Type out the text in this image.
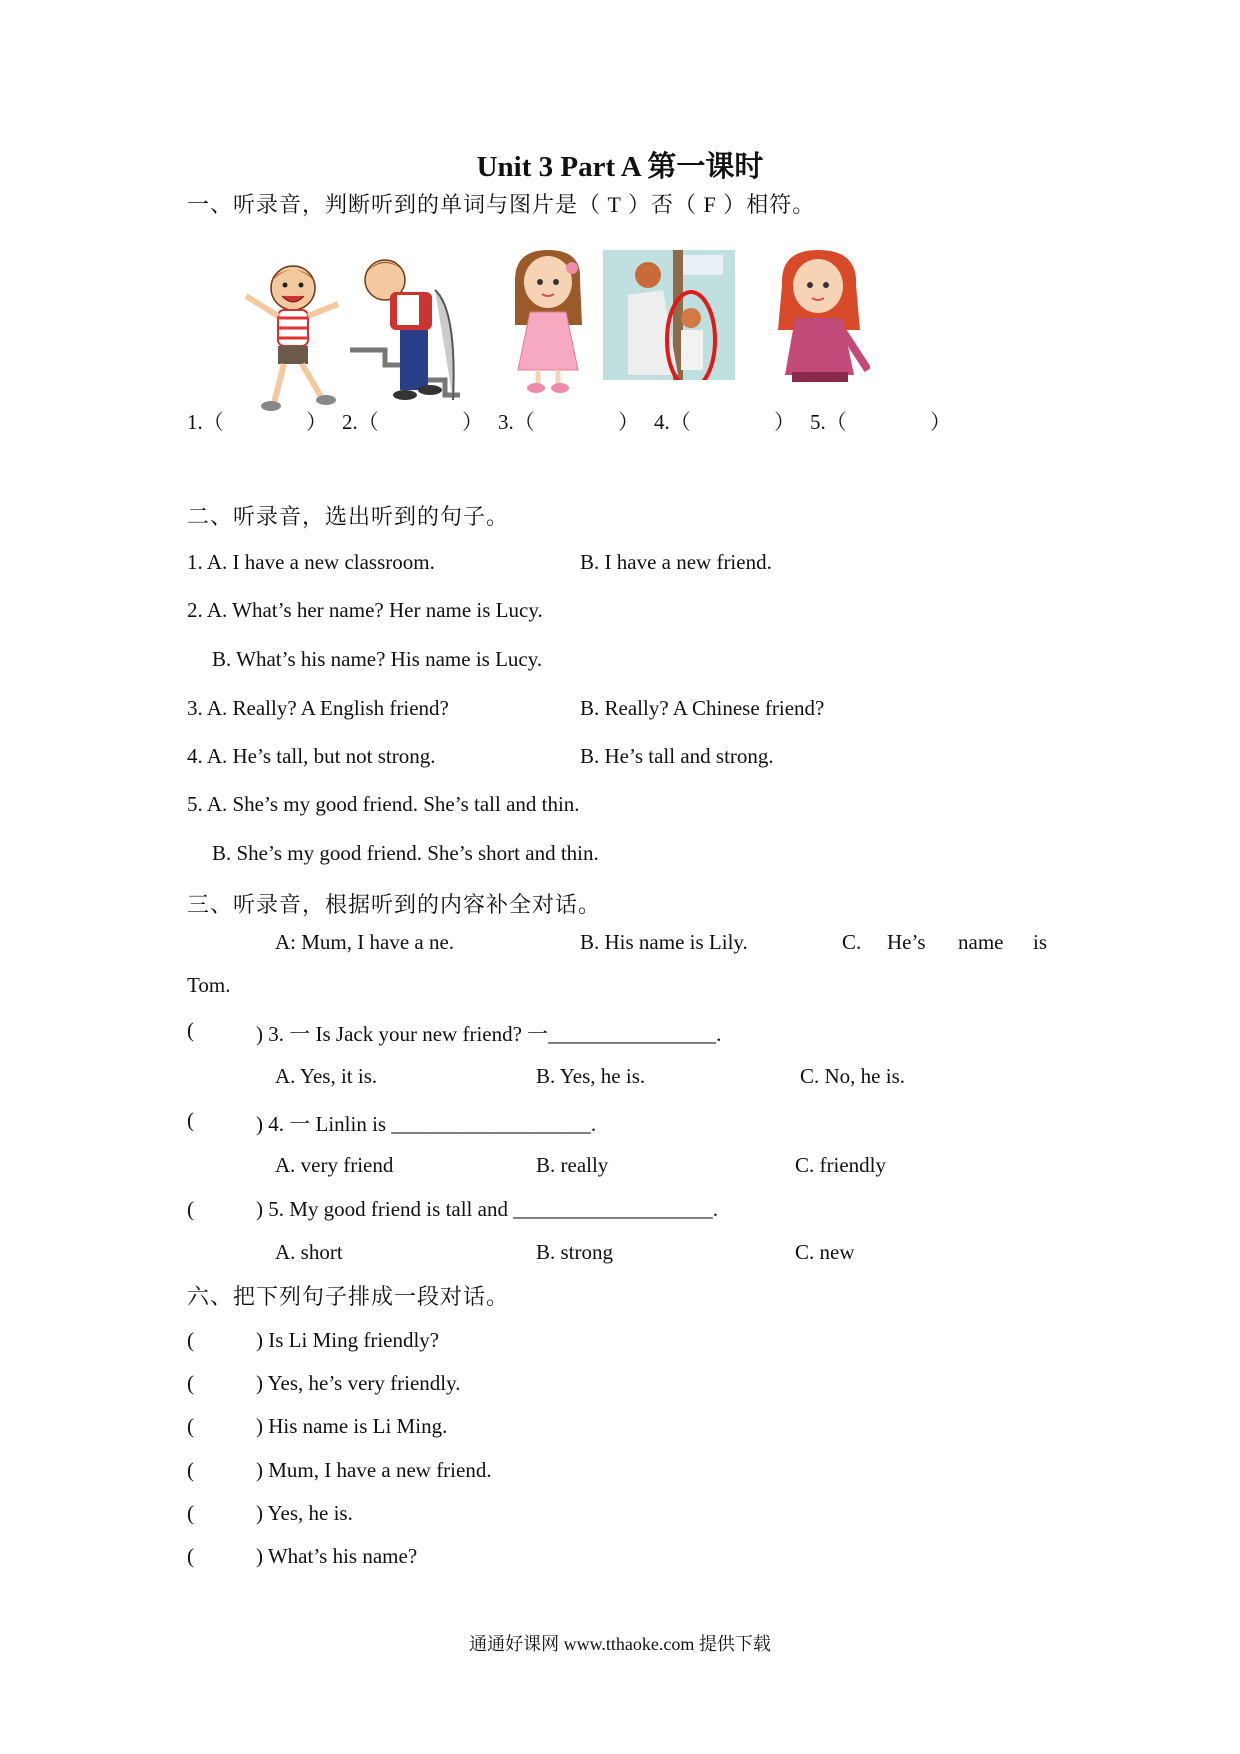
Unit 3 Part A 第一课时
一、听录音，判断听到的单词与图片是（ T ）否（ F ）相符。
1.（	） 2.（	） 3.（	） 4.（	） 5.（	）
二、听录音，选出听到的句子。
1. A. I have a new classroom.	B. I have a new friend.
2. A. What’s her name? Her name is Lucy.
B. What’s his name? His name is Lucy.
3. A. Really? A English friend?	B. Really? A Chinese friend?
4. A. He’s tall, but not strong.	B. He’s tall and strong.
5. A. She’s my good friend. She’s tall and thin.
B. She’s my good friend. She’s short and thin.
三、听录音，根据听到的内容补全对话。
A: Mum, I have a ne.	B. His name is Lily.	C. He’s name is
Tom.
(	) 3. 一 Is Jack your new friend? 一________________.
A. Yes, it is.	B. Yes, he is.	C. No, he is.
(	) 4. 一 Linlin is ___________________.
A. very friend	B. really	C. friendly
(	) 5. My good friend is tall and ___________________.
A. short	B. strong	C. new
六、把下列句子排成一段对话。
(	) Is Li Ming friendly?
(	) Yes, he’s very friendly.
(	) His name is Li Ming.
(	) Mum, I have a new friend.
(	) Yes, he is.
(	) What’s his name?
通通好课网 www.tthaoke.com 提供下载
